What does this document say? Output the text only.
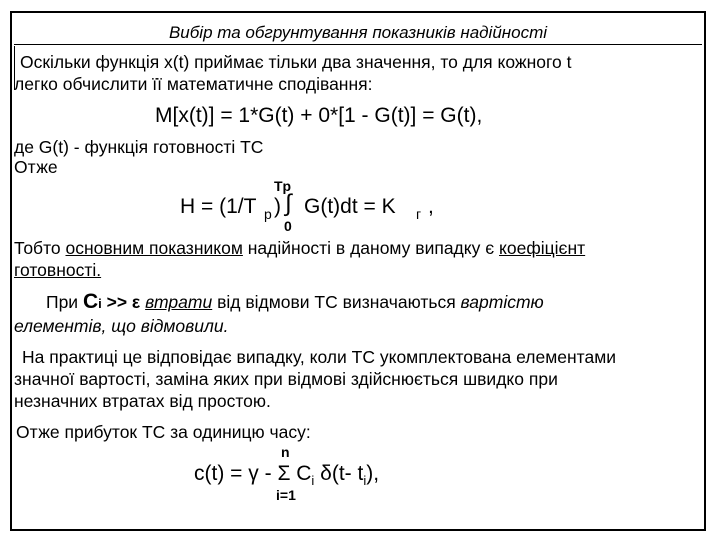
Вибір та обгрунтування показників надійності
Оскільки функція x(t) приймає тільки два значення, то для кожного t
легко обчислити її математичне сподівання:
M[x(t)] = 1*G(t) + 0*[1 - G(t)] = G(t),
де G(t) - функція готовності ТС
Отже
Tp
H = (1/T p ) ∫
0
G(t)dt = K г ,
Тобто основним показником надійності в даному випадку є коефіцієнт
готовності.
При Ci >> ε втрати від відмови ТС визначаються вартістю
елементів, що відмовили.
На практиці це відповідає випадку, коли ТС укомплектована елементами
значної вартості, заміна яких при відмові здійснюється швидко при
незначних втратах від простою.
Отже прибуток ТС за одиницю часу:
n
c(t) = γ - Σ $C_i$ δ(t- $t_i$),
i=1
